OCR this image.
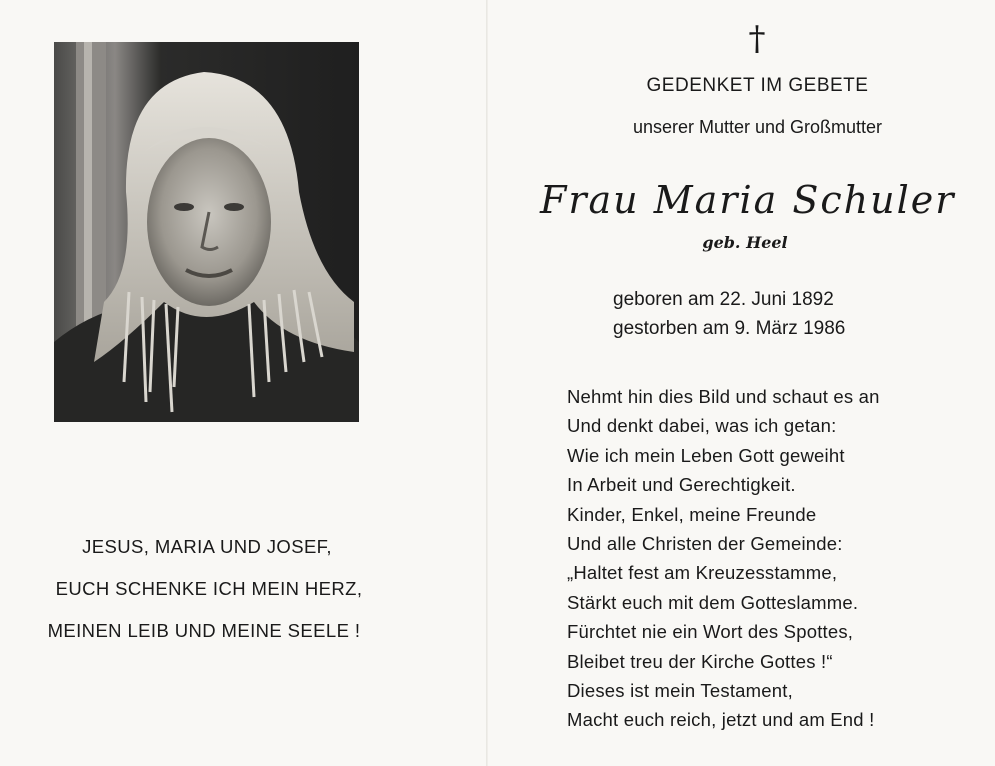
JESUS, MARIA UND JOSEF,
EUCH SCHENKE ICH MEIN HERZ,
MEINEN LEIB UND MEINE SEELE !
†
GEDENKET IM GEBETE
unserer Mutter und Großmutter
Frau Maria Schuler
geb. Heel
geboren am 22. Juni 1892
gestorben am 9. März 1986
Nehmt hin dies Bild und schaut es an
Und denkt dabei, was ich getan:
Wie ich mein Leben Gott geweiht
In Arbeit und Gerechtigkeit.
Kinder, Enkel, meine Freunde
Und alle Christen der Gemeinde:
„Haltet fest am Kreuzesstamme,
Stärkt euch mit dem Gotteslamme.
Fürchtet nie ein Wort des Spottes,
Bleibet treu der Kirche Gottes !“
Dieses ist mein Testament,
Macht euch reich, jetzt und am End !
